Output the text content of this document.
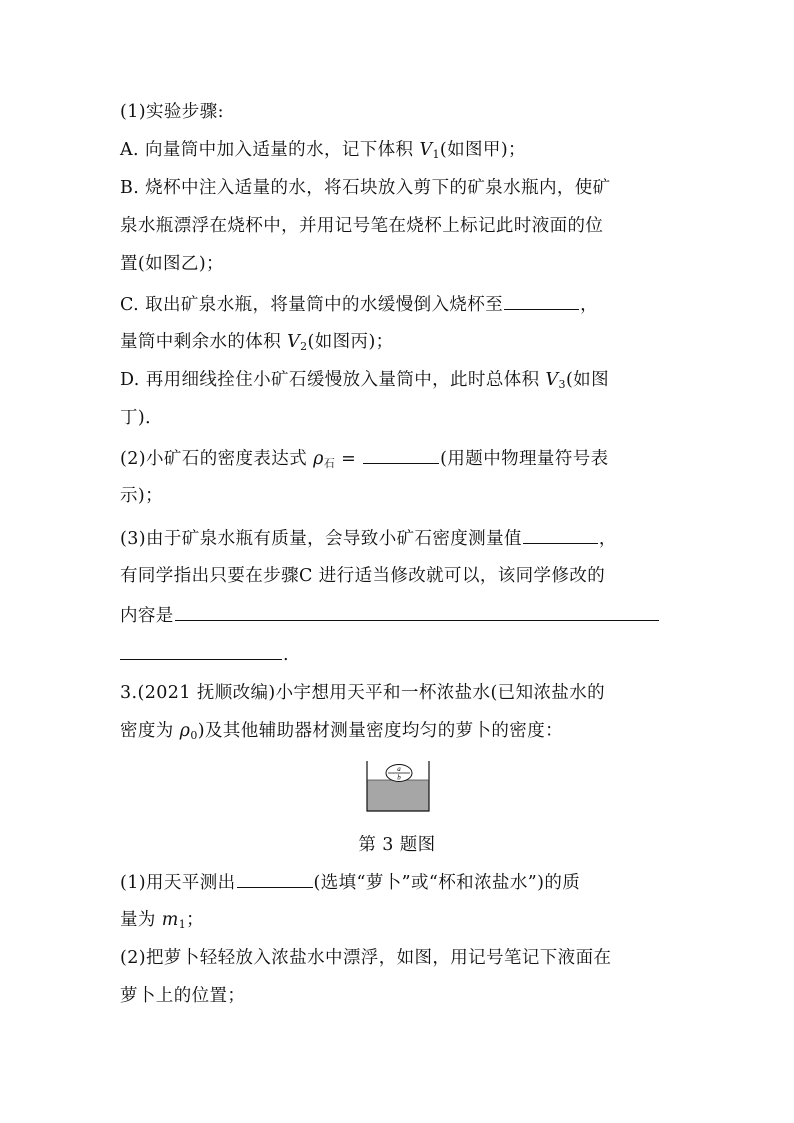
(1)实验步骤:
A. 向量筒中加入适量的水，记下体积 $V_1$(如图甲)；
B. 烧杯中注入适量的水，将石块放入剪下的矿泉水瓶内，使矿
泉水瓶漂浮在烧杯中，并用记号笔在烧杯上标记此时液面的位
置(如图乙)；
C. 取出矿泉水瓶，将量筒中的水缓慢倒入烧杯至	，
量筒中剩余水的体积 $V_2$(如图丙)；
D. 再用细线拴住小矿石缓慢放入量筒中，此时总体积 $V_3$(如图
丁)．
(2)小矿石的密度表达式 $\rho_石$ =	(用题中物理量符号表
示)；
(3)由于矿泉水瓶有质量，会导致小矿石密度测量值	，
有同学指出只要在步骤C 进行适当修改就可以，该同学修改的
内容是
.
3.(2021 抚顺改编)小宇想用天平和一杯浓盐水(已知浓盐水的
密度为 $\rho_0$)及其他辅助器材测量密度均匀的萝卜的密度：
a
b
第 3 题图
(1)用天平测出	(选填“萝卜”或“杯和浓盐水”)的质
量为 $m_1$；
(2)把萝卜轻轻放入浓盐水中漂浮，如图，用记号笔记下液面在
萝卜上的位置；
